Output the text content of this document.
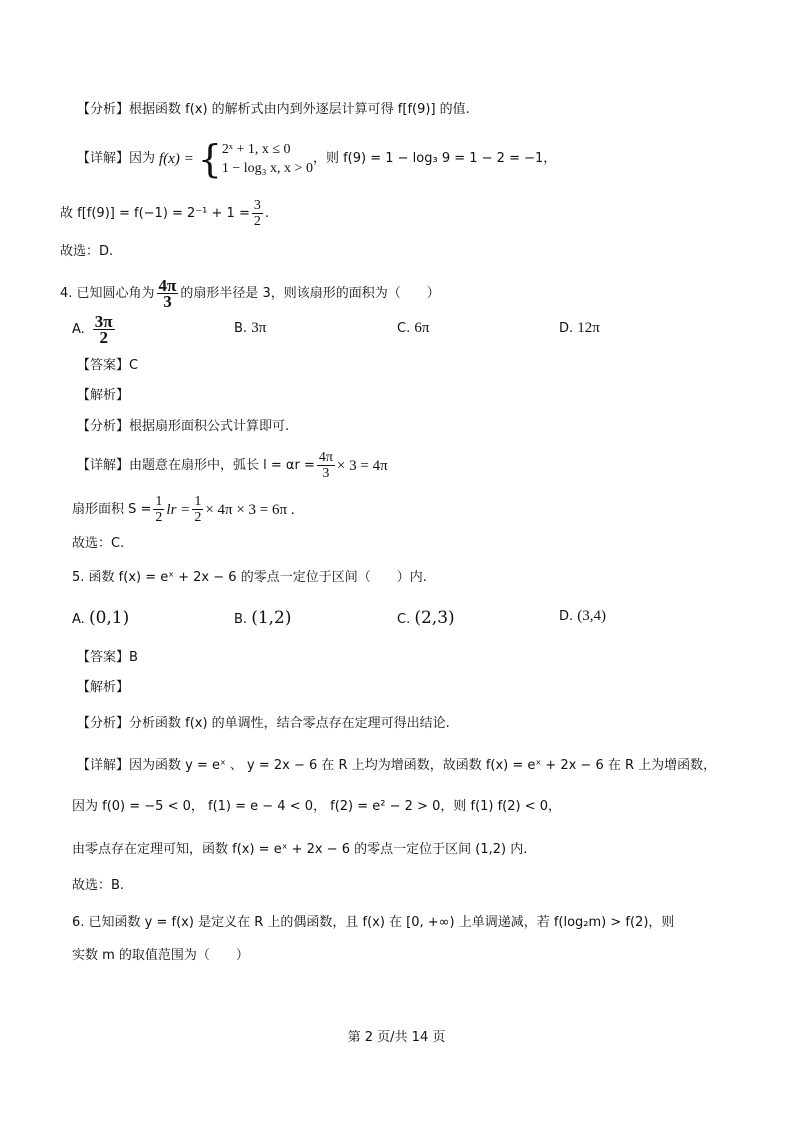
【分析】根据函数 f(x) 的解析式由内到外逐层计算可得 f[f(9)] 的值.
【详解】因为 f(x) = { 2ˣ + 1, x ≤ 0
1 − log₃ x, x > 0
，则 f(9) = 1 − log₃ 9 = 1 − 2 = −1，
故 $f[f(9)] = f(-1) = 2^{-1} + 1 = \frac{3}{2}$ .
故选：D.
4. 已知圆心角为 $\frac{4\pi}{3}$ 的扇形半径是 3，则该扇形的面积为（　　）
A. $\frac{3\pi}{2}$	B. 3π	C. 6π	D. 12π
【答案】C
【解析】
【分析】根据扇形面积公式计算即可.
【详解】由题意在扇形中，弧长 $l = \alpha r = \frac{4\pi}{3} \times 3 = 4\pi$
扇形面积 $S = \frac{1}{2}$ lr = $\frac{1}{2} \times 4\pi \times 3 = 6\pi$ .
故选：C.
5. 函数 f(x) = eˣ + 2x − 6 的零点一定位于区间（　　）内.
A. (0,1)	B. (1,2)	C. (2,3)	D. (3,4)
【答案】B
【解析】
【分析】分析函数 f(x) 的单调性，结合零点存在定理可得出结论.
【详解】因为函数 y = eˣ 、 y = 2x − 6 在 R 上均为增函数，故函数 f(x) = eˣ + 2x − 6 在 R 上为增函数，
因为 f(0) = −5 < 0， f(1) = e − 4 < 0， f(2) = e² − 2 > 0，则 f(1) f(2) < 0，
由零点存在定理可知，函数 f(x) = eˣ + 2x − 6 的零点一定位于区间 (1,2) 内.
故选：B.
6. 已知函数 y = f(x) 是定义在 R 上的偶函数，且 f(x) 在 [0, +∞) 上单调递减，若 f(log₂m) > f(2)，则
实数 m 的取值范围为（　　）
第 2 页/共 14 页
